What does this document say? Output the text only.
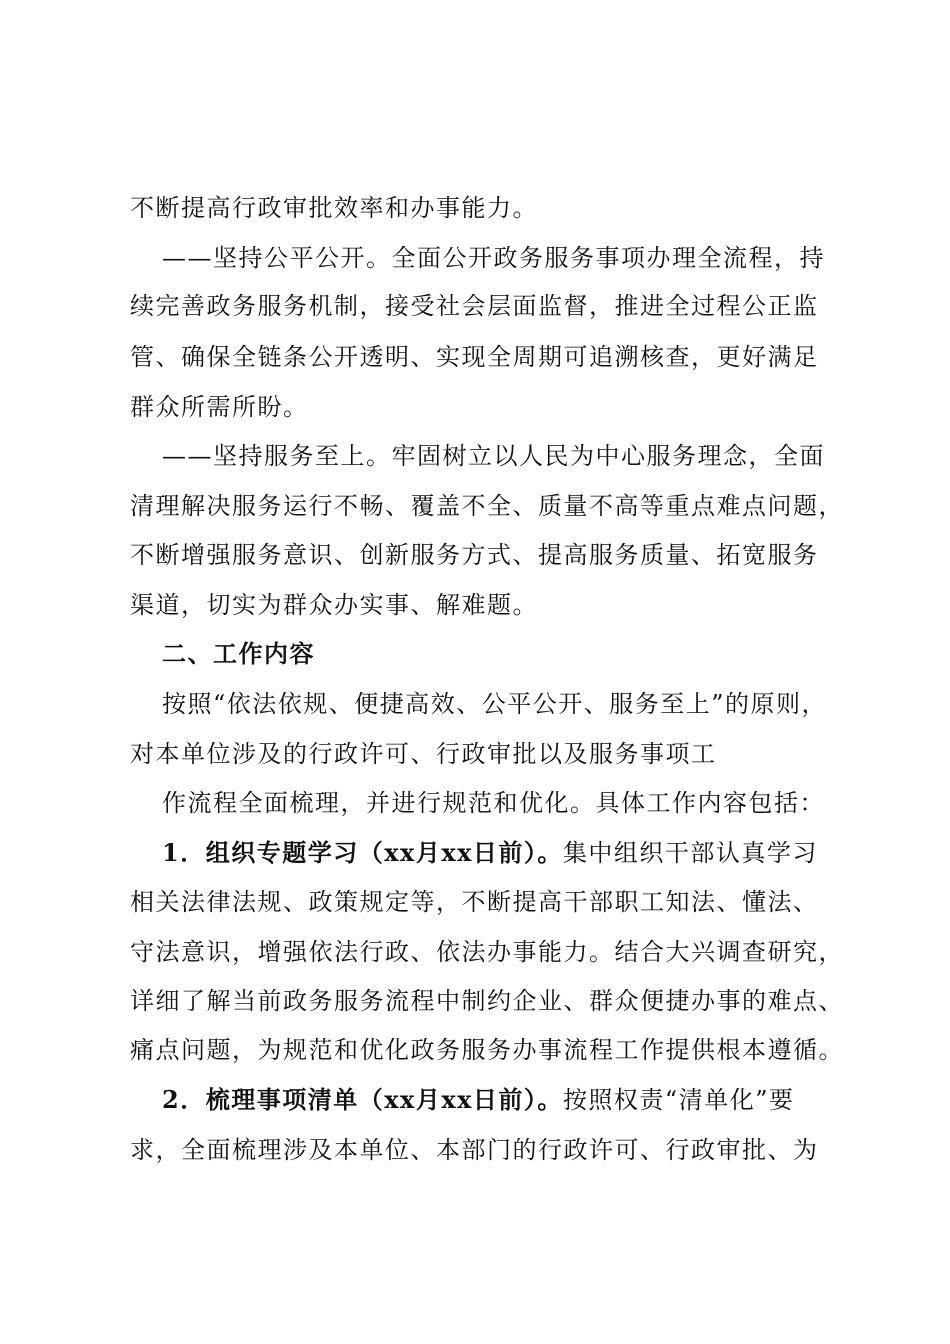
不断提高行政审批效率和办事能力。
——坚持公平公开。全面公开政务服务事项办理全流程，持
续完善政务服务机制，接受社会层面监督，推进全过程公正监
管、确保全链条公开透明、实现全周期可追溯核查，更好满足
群众所需所盼。
——坚持服务至上。牢固树立以人民为中心服务理念，全面
清理解决服务运行不畅、覆盖不全、质量不高等重点难点问题，
不断增强服务意识、创新服务方式、提高服务质量、拓宽服务
渠道，切实为群众办实事、解难题。
二、工作内容
按照“依法依规、便捷高效、公平公开、服务至上”的原则，
对本单位涉及的行政许可、行政审批以及服务事项工
作流程全面梳理，并进行规范和优化。具体工作内容包括：
1．组织专题学习（xx月xx日前）。集中组织干部认真学习
相关法律法规、政策规定等，不断提高干部职工知法、懂法、
守法意识，增强依法行政、依法办事能力。结合大兴调查研究，
详细了解当前政务服务流程中制约企业、群众便捷办事的难点、
痛点问题，为规范和优化政务服务办事流程工作提供根本遵循。
2．梳理事项清单（xx月xx日前）。按照权责“清单化”要
求，全面梳理涉及本单位、本部门的行政许可、行政审批、为
